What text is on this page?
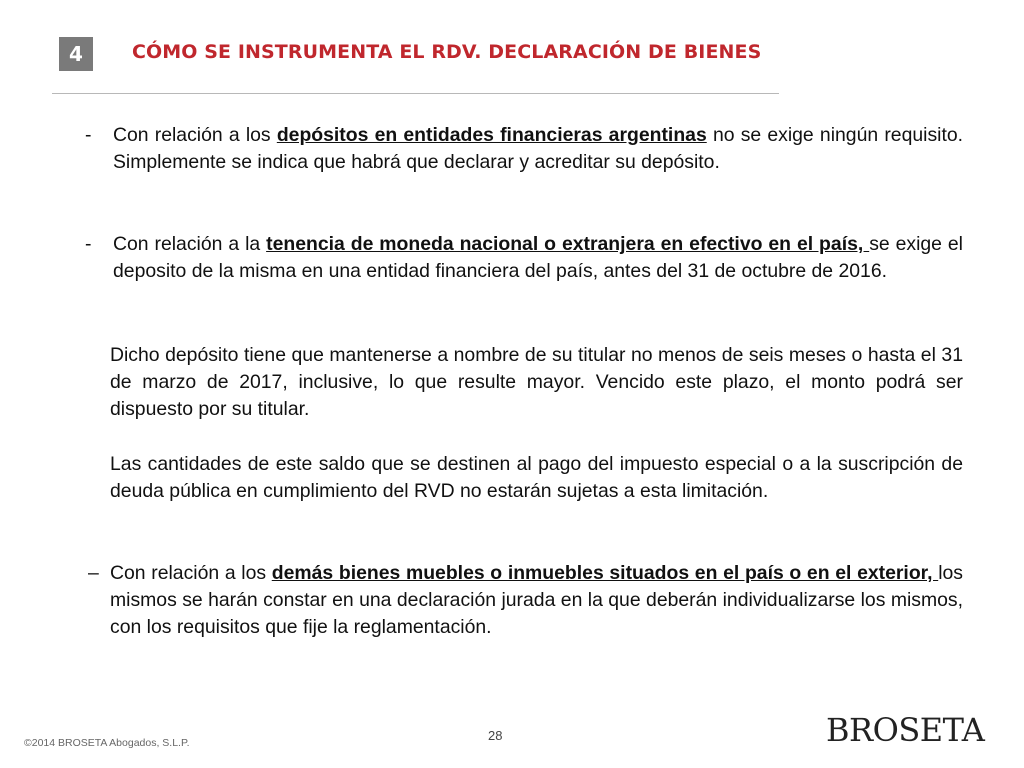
4	CÓMO SE INSTRUMENTA EL RDV. DECLARACIÓN DE BIENES
-	Con relación a los depósitos en entidades financieras argentinas no se exige ningún requisito. Simplemente se indica que habrá que declarar y acreditar su depósito.
-	Con relación a la tenencia de moneda nacional o extranjera en efectivo en el país, se exige el deposito de la misma en una entidad financiera del país, antes del 31 de octubre de 2016.
Dicho depósito tiene que mantenerse a nombre de su titular no menos de seis meses o hasta el 31 de marzo de 2017, inclusive, lo que resulte mayor. Vencido este plazo, el monto podrá ser dispuesto por su titular.
Las cantidades de este saldo que se destinen al pago del impuesto especial o a la suscripción de deuda pública en cumplimiento del RVD no estarán sujetas a esta limitación.
– Con relación a los demás bienes muebles o inmuebles situados en el país o en el exterior, los mismos se harán constar en una declaración jurada en la que deberán individualizarse los mismos, con los requisitos que fije la reglamentación.
©2014 BROSETA Abogados, S.L.P.	28	BROSETA
